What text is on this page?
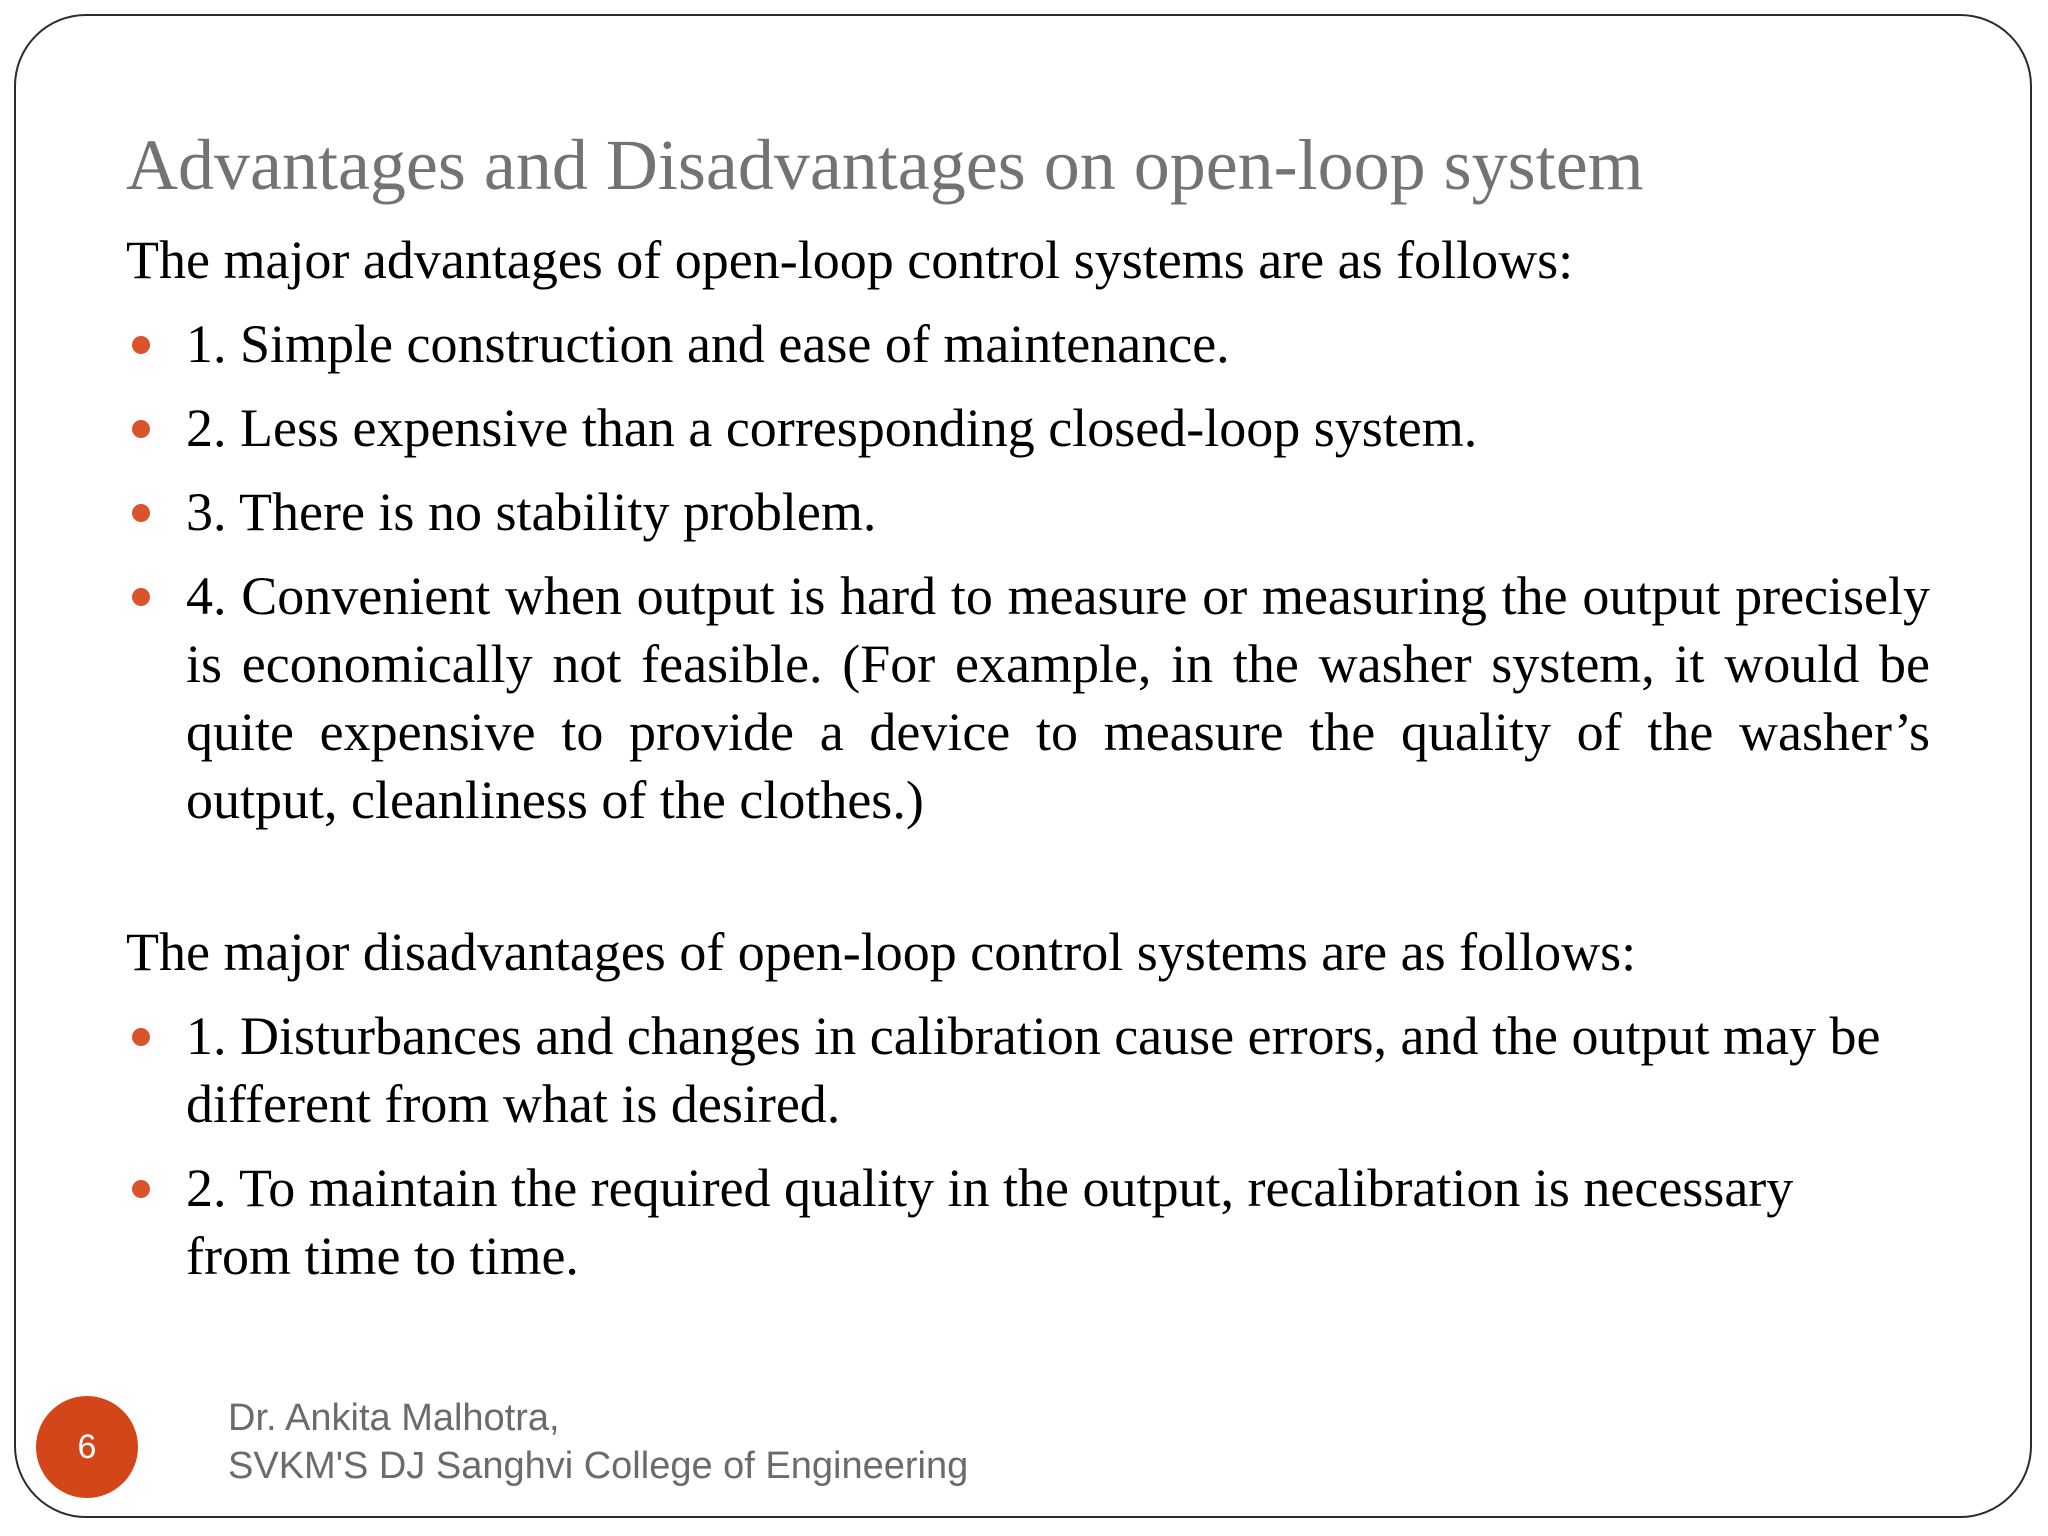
Advantages and Disadvantages on open-loop system

The major advantages of open-loop control systems are as follows:

1. Simple construction and ease of maintenance.
2. Less expensive than a corresponding closed-loop system.
3. There is no stability problem.
4. Convenient when output is hard to measure or measuring the output precisely is economically not feasible. (For example, in the washer system, it would be quite expensive to provide a device to measure the quality of the washer’s output, cleanliness of the clothes.)

The major disadvantages of open-loop control systems are as follows:

1. Disturbances and changes in calibration cause errors, and the output may be different from what is desired.
2. To maintain the required quality in the output, recalibration is necessary from time to time.
6
Dr. Ankita Malhotra,
SVKM'S DJ Sanghvi College of Engineering
